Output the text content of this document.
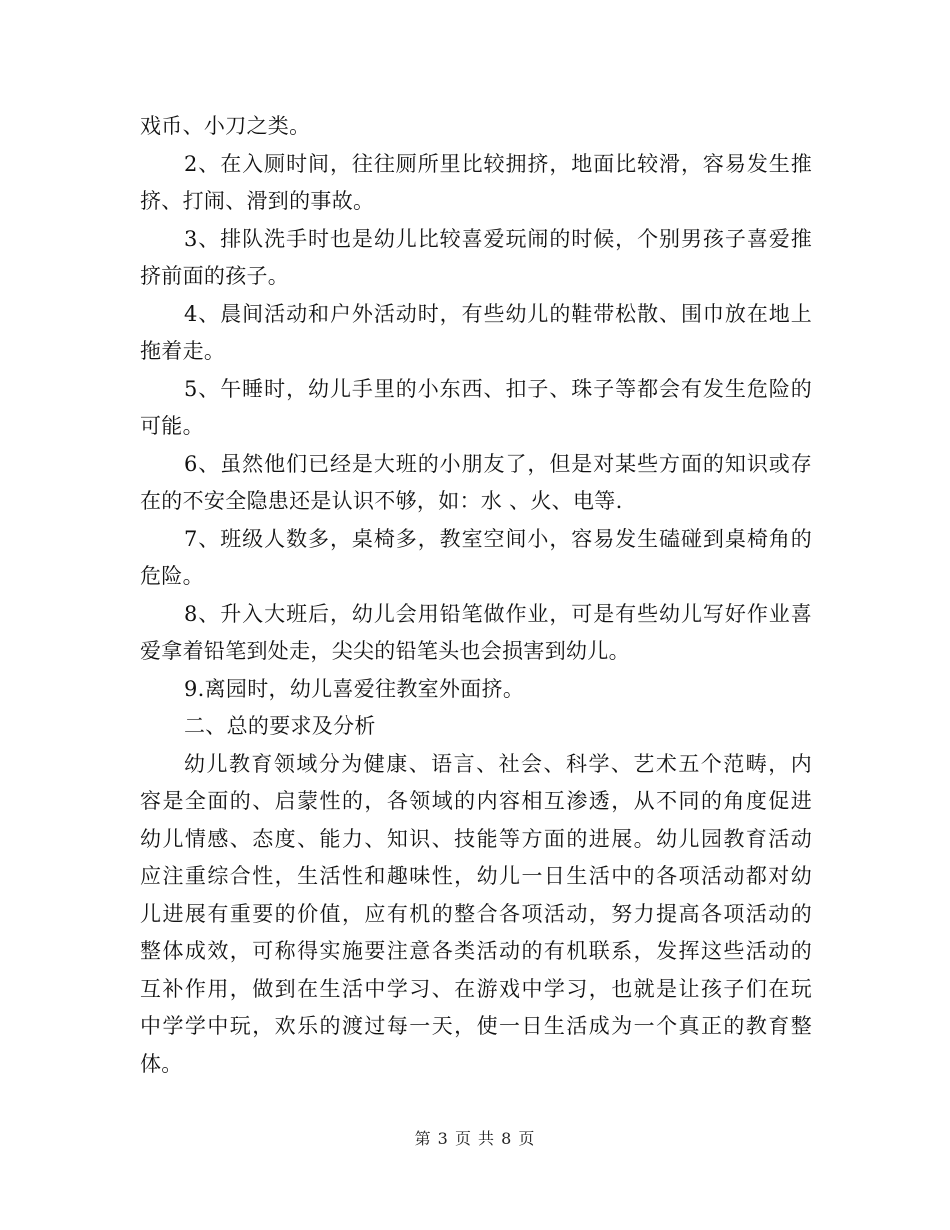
戏币、小刀之类。
2、在入厕时间，往往厕所里比较拥挤，地面比较滑，容易发生推
挤、打闹、滑到的事故。
3、排队洗手时也是幼儿比较喜爱玩闹的时候，个别男孩子喜爱推
挤前面的孩子。
4、晨间活动和户外活动时，有些幼儿的鞋带松散、围巾放在地上
拖着走。
5、午睡时，幼儿手里的小东西、扣子、珠子等都会有发生危险的
可能。
6、虽然他们已经是大班的小朋友了，但是对某些方面的知识或存
在的不安全隐患还是认识不够，如：水 、火、电等.
7、班级人数多，桌椅多，教室空间小，容易发生磕碰到桌椅角的
危险。
8、升入大班后，幼儿会用铅笔做作业，可是有些幼儿写好作业喜
爱拿着铅笔到处走，尖尖的铅笔头也会损害到幼儿。
9.离园时，幼儿喜爱往教室外面挤。
二、总的要求及分析
幼儿教育领域分为健康、语言、社会、科学、艺术五个范畴，内
容是全面的、启蒙性的，各领域的内容相互渗透，从不同的角度促进
幼儿情感、态度、能力、知识、技能等方面的进展。幼儿园教育活动
应注重综合性，生活性和趣味性，幼儿一日生活中的各项活动都对幼
儿进展有重要的价值，应有机的整合各项活动，努力提高各项活动的
整体成效，可称得实施要注意各类活动的有机联系，发挥这些活动的
互补作用，做到在生活中学习、在游戏中学习，也就是让孩子们在玩
中学学中玩，欢乐的渡过每一天，使一日生活成为一个真正的教育整
体。
第 3 页 共 8 页
